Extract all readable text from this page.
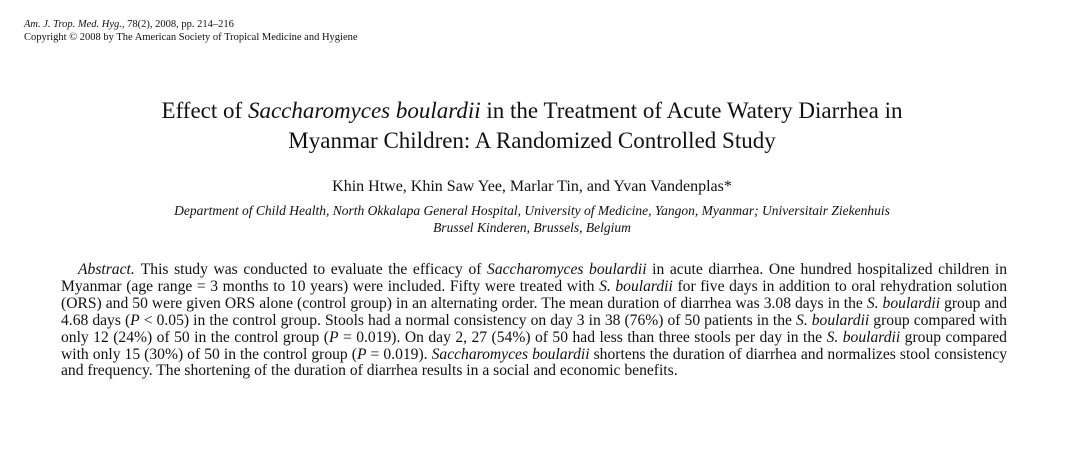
Am. J. Trop. Med. Hyg., 78(2), 2008, pp. 214–216
Copyright © 2008 by The American Society of Tropical Medicine and Hygiene
Effect of Saccharomyces boulardii in the Treatment of Acute Watery Diarrhea in
Myanmar Children: A Randomized Controlled Study
Khin Htwe, Khin Saw Yee, Marlar Tin, and Yvan Vandenplas*
Department of Child Health, North Okkalapa General Hospital, University of Medicine, Yangon, Myanmar; Universitair Ziekenhuis
Brussel Kinderen, Brussels, Belgium
Abstract. This study was conducted to evaluate the efficacy of Saccharomyces boulardii in acute diarrhea. One hundred hospitalized children in Myanmar (age range = 3 months to 10 years) were included. Fifty were treated with S. boulardii for five days in addition to oral rehydration solution (ORS) and 50 were given ORS alone (control group) in an alternating order. The mean duration of diarrhea was 3.08 days in the S. boulardii group and 4.68 days (P < 0.05) in the control group. Stools had a normal consistency on day 3 in 38 (76%) of 50 patients in the S. boulardii group compared with only 12 (24%) of 50 in the control group (P = 0.019). On day 2, 27 (54%) of 50 had less than three stools per day in the S. boulardii group compared with only 15 (30%) of 50 in the control group (P = 0.019). Saccharomyces boulardii shortens the duration of diarrhea and normalizes stool consistency and frequency. The shortening of the duration of diarrhea results in a social and economic benefits.
